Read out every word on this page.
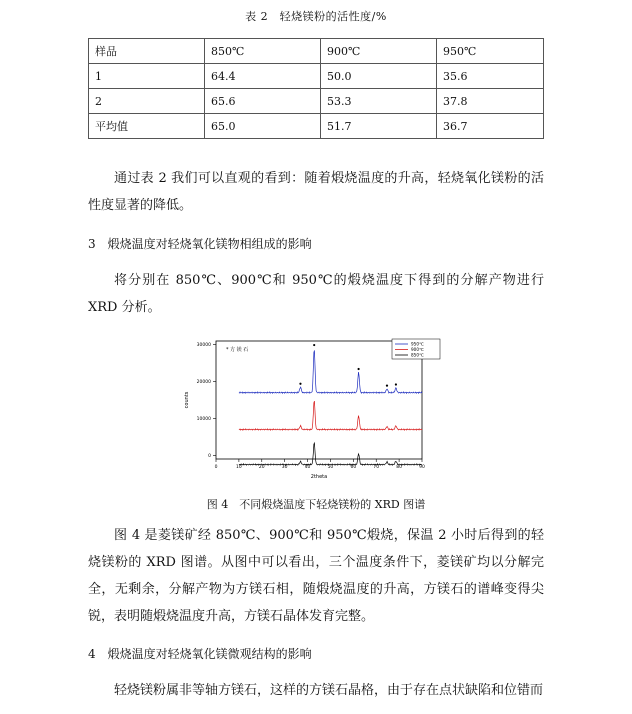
表 2　轻烧镁粉的活性度/%
样品	850℃	900℃	950℃
1	64.4	50.0	35.6
2	65.6	53.3	37.8
平均值	65.0	51.7	36.7

通过表 2 我们可以直观的看到：随着煅烧温度的升高，轻烧氧化镁粉的活性度显著的降低。

3　煅烧温度对轻烧氧化镁物相组成的影响

将分别在 850℃、900℃和 950℃的煅烧温度下得到的分解产物进行 XRD 分析。

0	10	20	30	40	50	60	70	80	90
0
10000
20000
30000
2theta
counts
* 方 镁 石
950℃
900℃
850℃
图 4　不同煅烧温度下轻烧镁粉的 XRD 图谱

图 4 是菱镁矿经 850℃、900℃和 950℃煅烧，保温 2 小时后得到的轻烧镁粉的 XRD 图谱。从图中可以看出，三个温度条件下，菱镁矿均以分解完全，无剩余，分解产物为方镁石相，随煅烧温度的升高，方镁石的谱峰变得尖锐，表明随煅烧温度升高，方镁石晶体发育完整。

4　煅烧温度对轻烧氧化镁微观结构的影响

轻烧镁粉属非等轴方镁石，这样的方镁石晶格，由于存在点状缺陷和位错而
